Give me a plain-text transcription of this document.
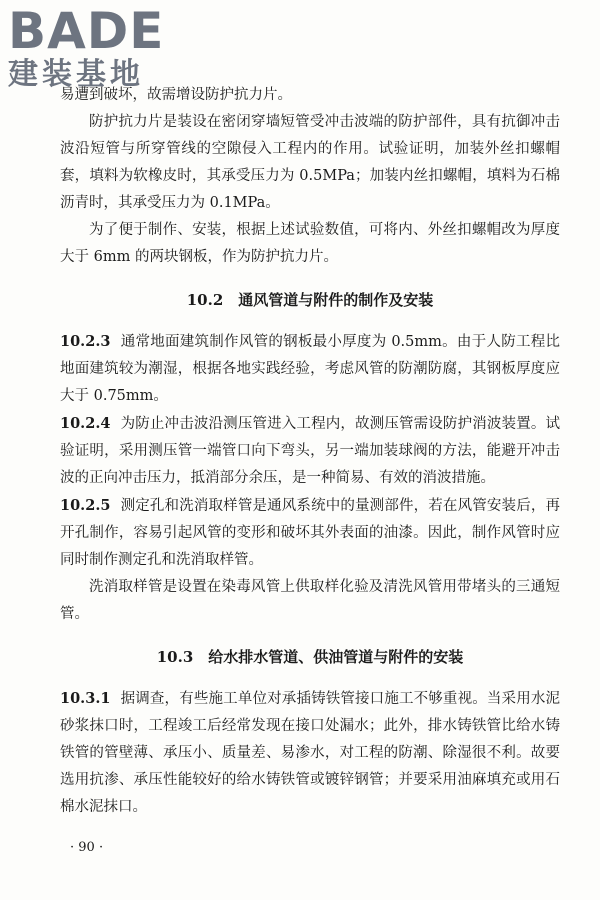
BADE
建装基地

易遭到破坏，故需增设防护抗力片。

防护抗力片是装设在密闭穿墙短管受冲击波端的防护部件，具有抗御冲击波沿短管与所穿管线的空隙侵入工程内的作用。试验证明，加装外丝扣螺帽套，填料为软橡皮时，其承受压力为 0.5MPa；加装内丝扣螺帽，填料为石棉沥青时，其承受压力为 0.1MPa。

为了便于制作、安装，根据上述试验数值，可将内、外丝扣螺帽改为厚度大于 6mm 的两块钢板，作为防护抗力片。

10.2　通风管道与附件的制作及安装

10.2.3 通常地面建筑制作风管的钢板最小厚度为 0.5mm。由于人防工程比地面建筑较为潮湿，根据各地实践经验，考虑风管的防潮防腐，其钢板厚度应大于 0.75mm。

10.2.4 为防止冲击波沿测压管进入工程内，故测压管需设防护消波装置。试验证明，采用测压管一端管口向下弯头，另一端加装球阀的方法，能避开冲击波的正向冲击压力，抵消部分余压，是一种简易、有效的消波措施。

10.2.5 测定孔和洗消取样管是通风系统中的量测部件，若在风管安装后，再开孔制作，容易引起风管的变形和破坏其外表面的油漆。因此，制作风管时应同时制作测定孔和洗消取样管。

洗消取样管是设置在染毒风管上供取样化验及清洗风管用带堵头的三通短管。

10.3　给水排水管道、供油管道与附件的安装

10.3.1 据调查，有些施工单位对承插铸铁管接口施工不够重视。当采用水泥砂浆抹口时，工程竣工后经常发现在接口处漏水；此外，排水铸铁管比给水铸铁管的管壁薄、承压小、质量差、易渗水，对工程的防潮、除湿很不利。故要选用抗渗、承压性能较好的给水铸铁管或镀锌钢管；并要采用油麻填充或用石棉水泥抹口。

· 90 ·
